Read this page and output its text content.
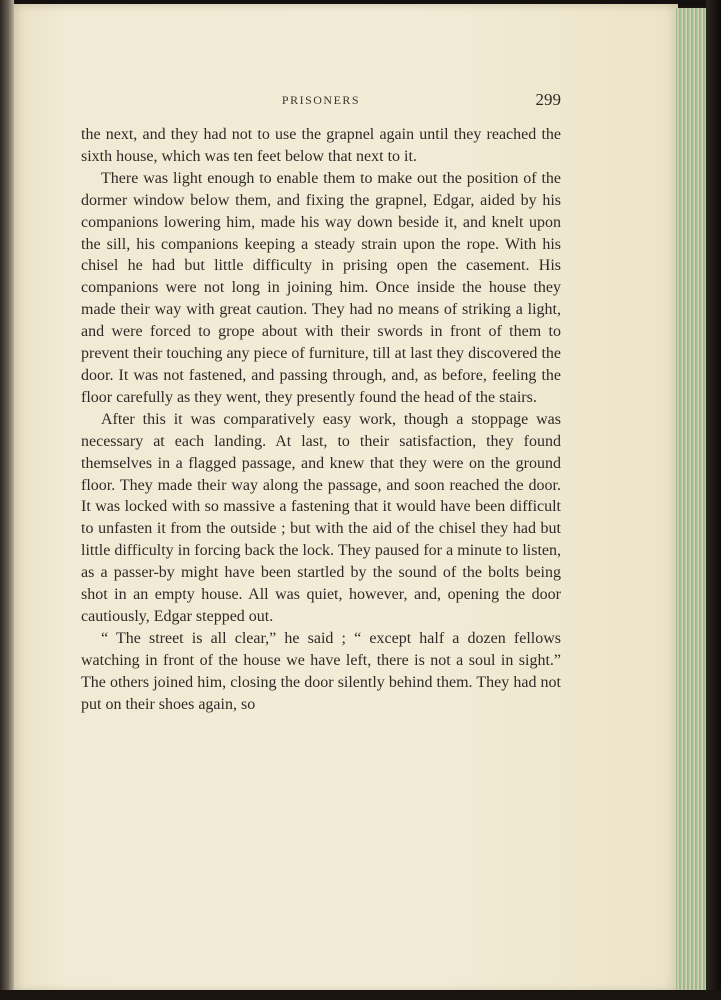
PRISONERS	299

the next, and they had not to use the grapnel again until they reached the sixth house, which was ten feet below that next to it.

There was light enough to enable them to make out the position of the dormer window below them, and fixing the grapnel, Edgar, aided by his companions lowering him, made his way down beside it, and knelt upon the sill, his companions keeping a steady strain upon the rope. With his chisel he had but little difficulty in prising open the casement. His companions were not long in joining him. Once inside the house they made their way with great caution. They had no means of striking a light, and were forced to grope about with their swords in front of them to prevent their touching any piece of furniture, till at last they discovered the door. It was not fastened, and passing through, and, as before, feeling the floor carefully as they went, they presently found the head of the stairs.

After this it was comparatively easy work, though a stoppage was necessary at each landing. At last, to their satisfaction, they found themselves in a flagged passage, and knew that they were on the ground floor. They made their way along the passage, and soon reached the door. It was locked with so massive a fastening that it would have been difficult to unfasten it from the outside ; but with the aid of the chisel they had but little difficulty in forcing back the lock. They paused for a minute to listen, as a passer-by might have been startled by the sound of the bolts being shot in an empty house. All was quiet, however, and, opening the door cautiously, Edgar stepped out.

“ The street is all clear,” he said ; “ except half a dozen fellows watching in front of the house we have left, there is not a soul in sight.” The others joined him, closing the door silently behind them. They had not put on their shoes again, so
